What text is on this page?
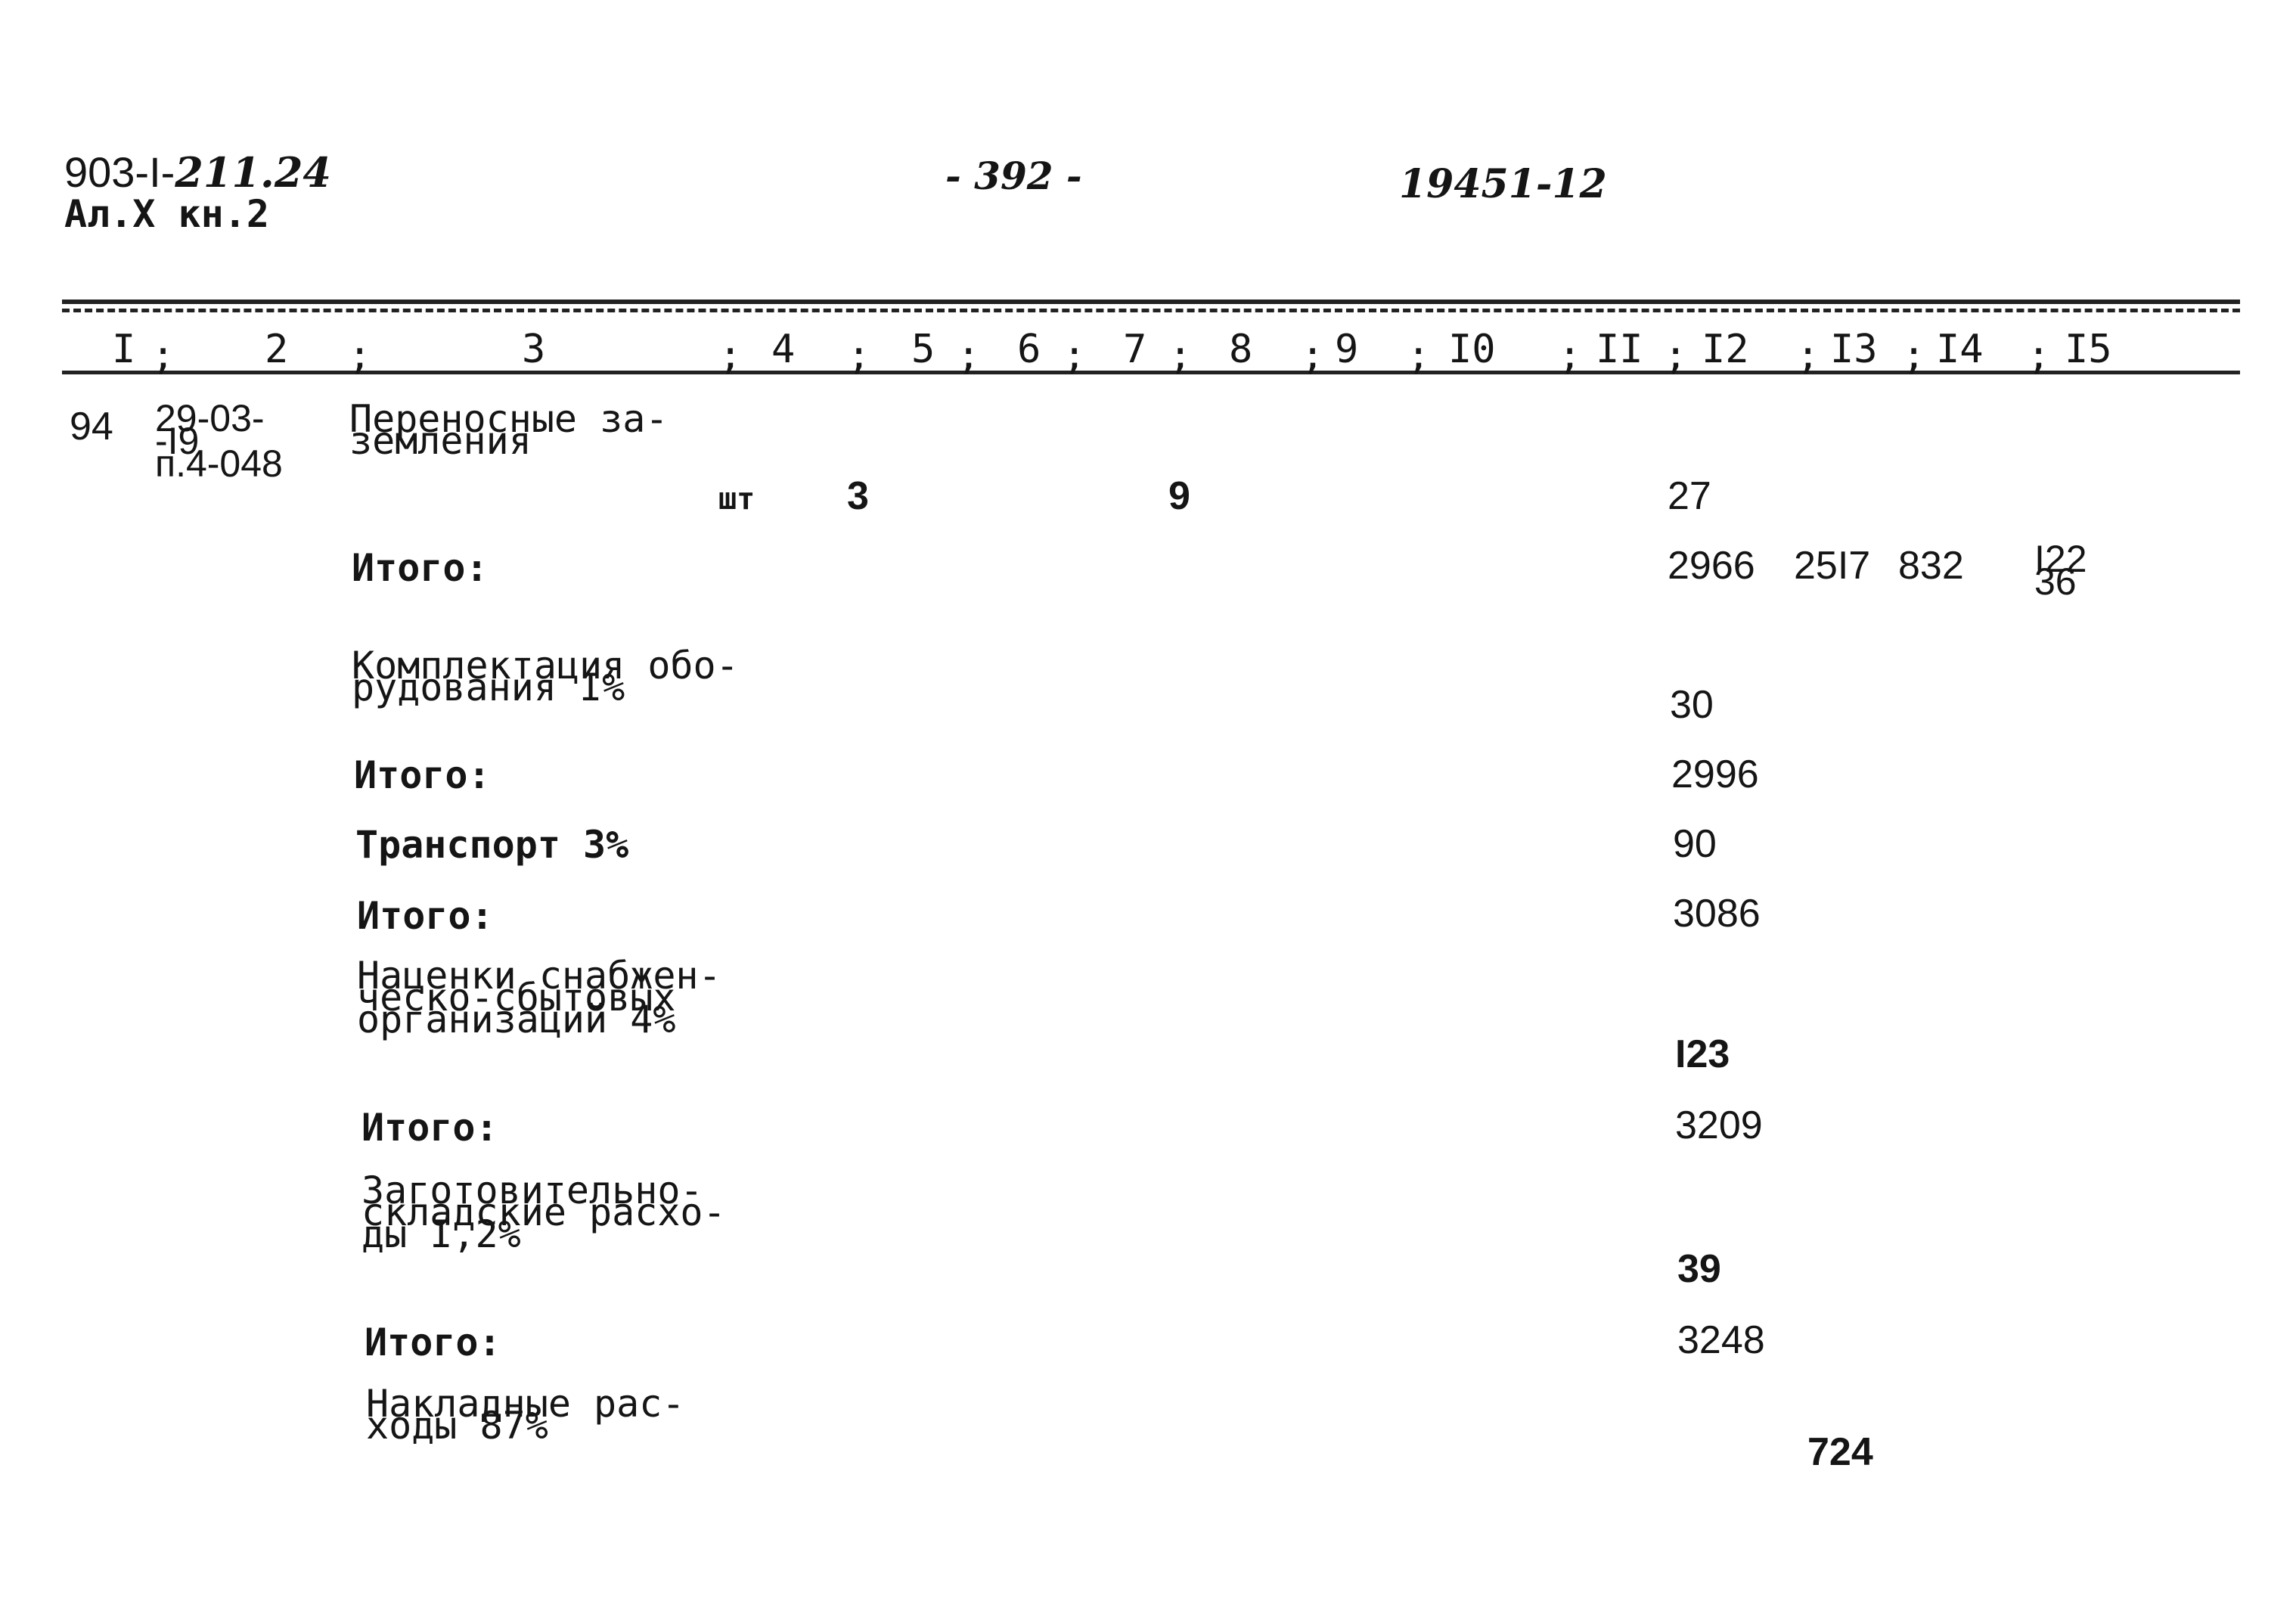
903-I-211.24
Ал.Х кн.2
- 392 -	19451-12
I ; 2 ;	3	; 4 ; 5 ; 6 ; 7 ; 8 ; 9 ; I0 ; II ; I2 ; I3 ; I4 ; I5
94 29-03-
-I9
п.4-048
Переносные за-
земления
шт 3	9	27
Итого:	2966 25I7 832 I22
36
Комплектация обо-
рудования I%	30
Итого:	2996
Транспорт 3%	90
Итого:	3086
Наценки снабжен-
ческо-сбытовых
организаций 4%
I23
Итого:	3209
Заготовительно-
складские расхо-
ды I,2%
39
Итого:	3248
Накладные рас-
ходы 87%
724
